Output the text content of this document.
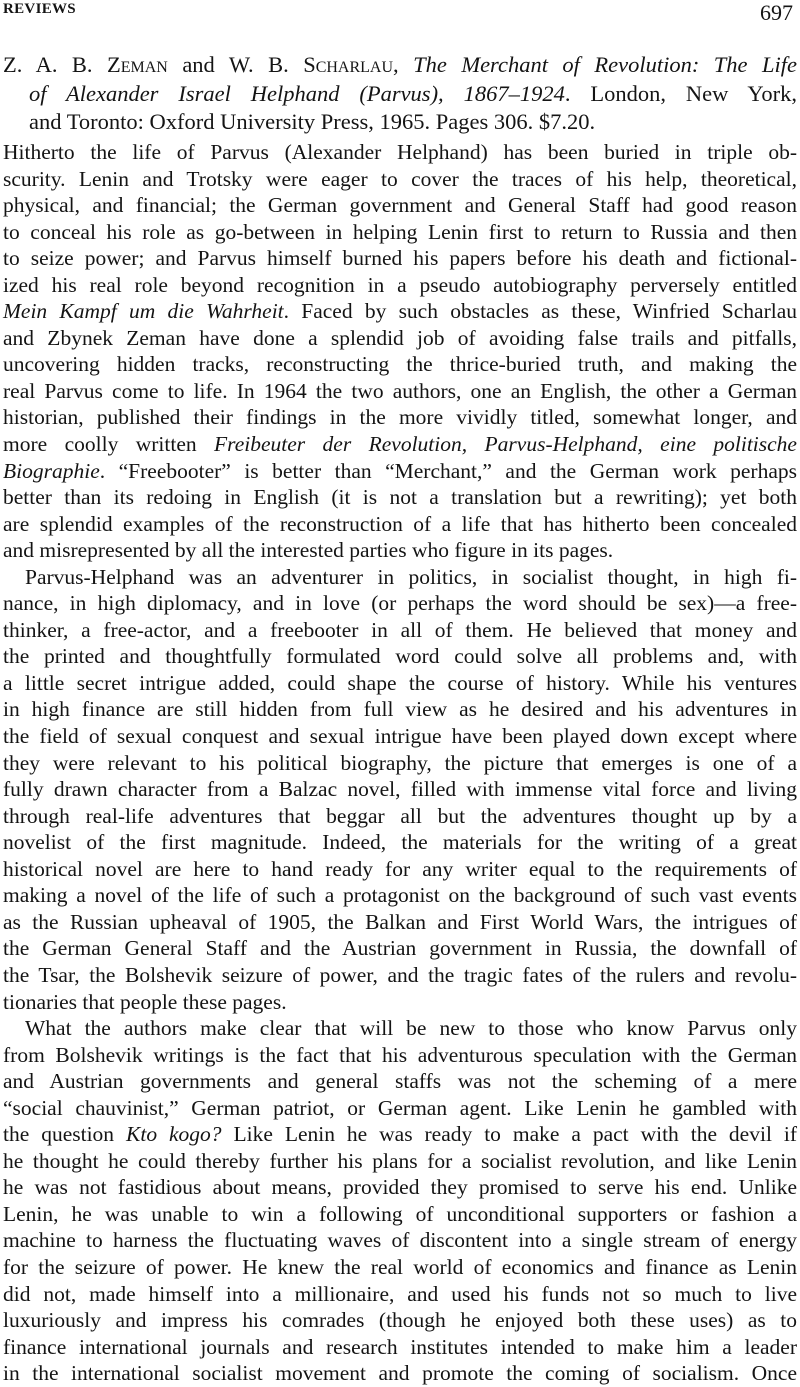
REVIEWS	697
Z. A. B. Zeman and W. B. Scharlau, The Merchant of Revolution: The Life
of Alexander Israel Helphand (Parvus), 1867–1924. London, New York,
and Toronto: Oxford University Press, 1965. Pages 306. $7.20.
Hitherto the life of Parvus (Alexander Helphand) has been buried in triple ob-
scurity. Lenin and Trotsky were eager to cover the traces of his help, theoretical,
physical, and financial; the German government and General Staff had good reason
to conceal his role as go-between in helping Lenin first to return to Russia and then
to seize power; and Parvus himself burned his papers before his death and fictional-
ized his real role beyond recognition in a pseudo autobiography perversely entitled
Mein Kampf um die Wahrheit. Faced by such obstacles as these, Winfried Scharlau
and Zbynek Zeman have done a splendid job of avoiding false trails and pitfalls,
uncovering hidden tracks, reconstructing the thrice-buried truth, and making the
real Parvus come to life. In 1964 the two authors, one an English, the other a German
historian, published their findings in the more vividly titled, somewhat longer, and
more coolly written Freibeuter der Revolution, Parvus-Helphand, eine politische
Biographie. “Freebooter” is better than “Merchant,” and the German work perhaps
better than its redoing in English (it is not a translation but a rewriting); yet both
are splendid examples of the reconstruction of a life that has hitherto been concealed
and misrepresented by all the interested parties who figure in its pages.
Parvus-Helphand was an adventurer in politics, in socialist thought, in high fi-
nance, in high diplomacy, and in love (or perhaps the word should be sex)—a free-
thinker, a free-actor, and a freebooter in all of them. He believed that money and
the printed and thoughtfully formulated word could solve all problems and, with
a little secret intrigue added, could shape the course of history. While his ventures
in high finance are still hidden from full view as he desired and his adventures in
the field of sexual conquest and sexual intrigue have been played down except where
they were relevant to his political biography, the picture that emerges is one of a
fully drawn character from a Balzac novel, filled with immense vital force and living
through real-life adventures that beggar all but the adventures thought up by a
novelist of the first magnitude. Indeed, the materials for the writing of a great
historical novel are here to hand ready for any writer equal to the requirements of
making a novel of the life of such a protagonist on the background of such vast events
as the Russian upheaval of 1905, the Balkan and First World Wars, the intrigues of
the German General Staff and the Austrian government in Russia, the downfall of
the Tsar, the Bolshevik seizure of power, and the tragic fates of the rulers and revolu-
tionaries that people these pages.
What the authors make clear that will be new to those who know Parvus only
from Bolshevik writings is the fact that his adventurous speculation with the German
and Austrian governments and general staffs was not the scheming of a mere
“social chauvinist,” German patriot, or German agent. Like Lenin he gambled with
the question Kto kogo? Like Lenin he was ready to make a pact with the devil if
he thought he could thereby further his plans for a socialist revolution, and like Lenin
he was not fastidious about means, provided they promised to serve his end. Unlike
Lenin, he was unable to win a following of unconditional supporters or fashion a
machine to harness the fluctuating waves of discontent into a single stream of energy
for the seizure of power. He knew the real world of economics and finance as Lenin
did not, made himself into a millionaire, and used his funds not so much to live
luxuriously and impress his comrades (though he enjoyed both these uses) as to
finance international journals and research institutes intended to make him a leader
in the international socialist movement and promote the coming of socialism. Once
